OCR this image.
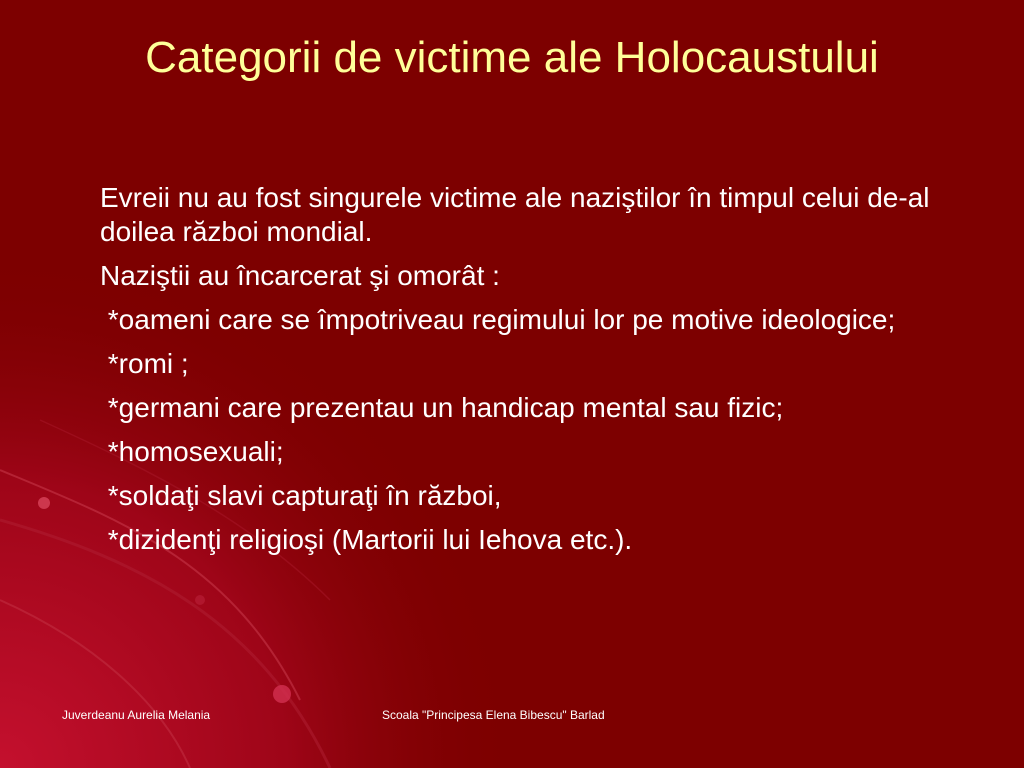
Categorii de victime ale Holocaustului

Evreii nu au fost singurele victime ale naziştilor în timpul celui de-al doilea război mondial.

Naziştii au încarcerat şi omorât :

*oameni care se împotriveau regimului lor pe motive ideologice;

*romi ;

*germani care prezentau un handicap mental sau fizic;

*homosexuali;

*soldaţi slavi capturaţi în război,

*dizidenţi religioşi (Martorii lui Iehova etc.).

Juverdeanu Aurelia Melania	Scoala "Principesa Elena Bibescu" Barlad
